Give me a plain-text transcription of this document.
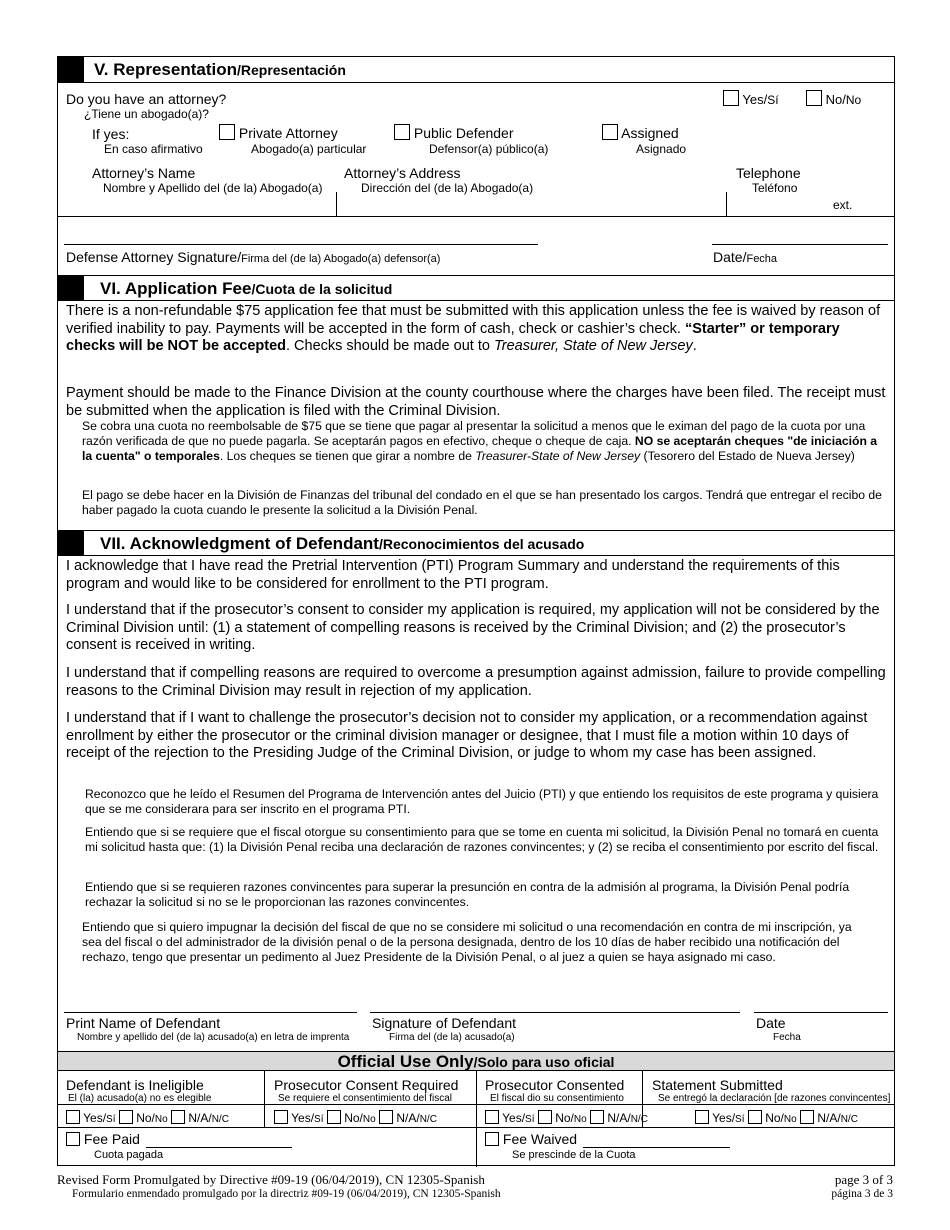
V. Representation/Representación
Do you have an attorney?
¿Tiene un abogado(a)?
Yes/Sí	No/No
If yes:
En caso afirmativo
Private Attorney
Abogado(a) particular
Public Defender
Defensor(a) público(a)
Assigned
Asignado
Attorney’s Name
Nombre y Apellido del (de la) Abogado(a)
Attorney’s Address
Dirección del (de la) Abogado(a)
Telephone
Teléfono
ext.
Defense Attorney Signature/Firma del (de la) Abogado(a) defensor(a)	Date/Fecha
VI. Application Fee/Cuota de la solicitud
There is a non-refundable $75 application fee that must be submitted with this application unless the fee is waived by reason of verified inability to pay. Payments will be accepted in the form of cash, check or cashier’s check. “Starter” or temporary checks will be NOT be accepted. Checks should be made out to Treasurer, State of New Jersey.
Payment should be made to the Finance Division at the county courthouse where the charges have been filed. The receipt must be submitted when the application is filed with the Criminal Division.
Se cobra una cuota no reembolsable de $75 que se tiene que pagar al presentar la solicitud a menos que le eximan del pago de la cuota por una razón verificada de que no puede pagarla. Se aceptarán pagos en efectivo, cheque o cheque de caja. NO se aceptarán cheques "de iniciación a la cuenta" o temporales. Los cheques se tienen que girar a nombre de Treasurer-State of New Jersey (Tesorero del Estado de Nueva Jersey)
El pago se debe hacer en la División de Finanzas del tribunal del condado en el que se han presentado los cargos. Tendrá que entregar el recibo de haber pagado la cuota cuando le presente la solicitud a la División Penal.
VII. Acknowledgment of Defendant/Reconocimientos del acusado
I acknowledge that I have read the Pretrial Intervention (PTI) Program Summary and understand the requirements of this program and would like to be considered for enrollment to the PTI program.
I understand that if the prosecutor’s consent to consider my application is required, my application will not be considered by the Criminal Division until: (1) a statement of compelling reasons is received by the Criminal Division; and (2) the prosecutor’s consent is received in writing.
I understand that if compelling reasons are required to overcome a presumption against admission, failure to provide compelling reasons to the Criminal Division may result in rejection of my application.
I understand that if I want to challenge the prosecutor’s decision not to consider my application, or a recommendation against enrollment by either the prosecutor or the criminal division manager or designee, that I must file a motion within 10 days of receipt of the rejection to the Presiding Judge of the Criminal Division, or judge to whom my case has been assigned.
Reconozco que he leído el Resumen del Programa de Intervención antes del Juicio (PTI) y que entiendo los requisitos de este programa y quisiera que se me considerara para ser inscrito en el programa PTI.
Entiendo que si se requiere que el fiscal otorgue su consentimiento para que se tome en cuenta mi solicitud, la División Penal no tomará en cuenta mi solicitud hasta que: (1) la División Penal reciba una declaración de razones convincentes; y (2) se reciba el consentimiento por escrito del fiscal.
Entiendo que si se requieren razones convincentes para superar la presunción en contra de la admisión al programa, la División Penal podría rechazar la solicitud si no se le proporcionan las razones convincentes.
Entiendo que si quiero impugnar la decisión del fiscal de que no se considere mi solicitud o una recomendación en contra de mi inscripción, ya sea del fiscal o del administrador de la división penal o de la persona designada, dentro de los 10 días de haber recibido una notificación del rechazo, tengo que presentar un pedimento al Juez Presidente de la División Penal, o al juez a quien se haya asignado mi caso.
Print Name of Defendant
Nombre y apellido del (de la) acusado(a) en letra de imprenta
Signature of Defendant
Firma del (de la) acusado(a)
Date
Fecha
Official Use Only/Solo para uso oficial
Defendant is Ineligible
El (la) acusado(a) no es elegible
Prosecutor Consent Required
Se requiere el consentimiento del fiscal
Prosecutor Consented
El fiscal dio su consentimiento
Statement Submitted
Se entregó la declaración [de razones convincentes]
Yes/Sí No/No N/A/N/C	Yes/Sí No/No N/A/N/C	Yes/Sí No/No N/A/N/C	Yes/Sí No/No N/A/N/C
Fee Paid
Cuota pagada
Fee Waived
Se prescinde de la Cuota
Revised Form Promulgated by Directive #09-19 (06/04/2019), CN 12305-Spanish
Formulario enmendado promulgado por la directriz #09-19 (06/04/2019), CN 12305-Spanish
page 3 of 3
página 3 de 3
